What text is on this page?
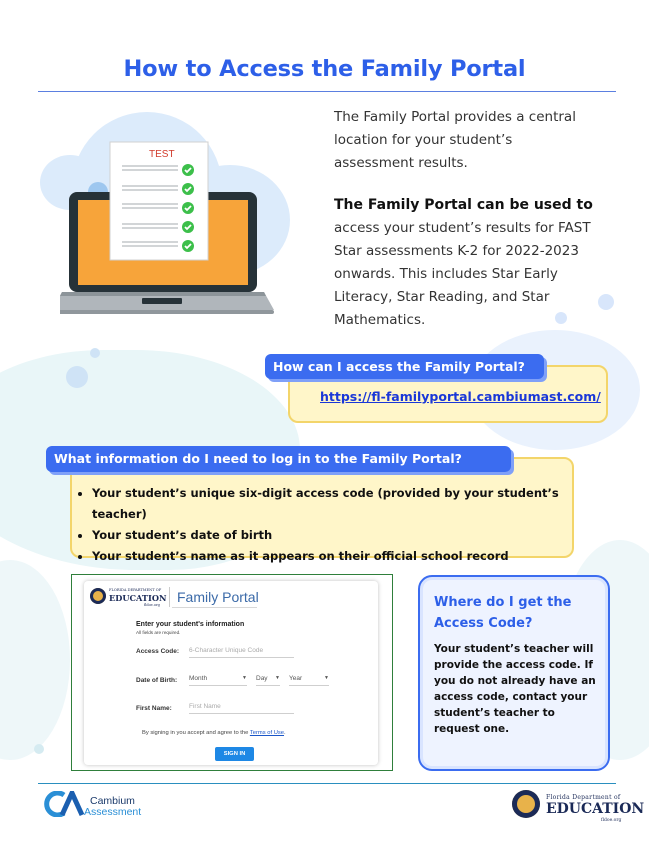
How to Access the Family Portal
TEST
The Family Portal provides a central location for your student’s assessment results.
The Family Portal can be used to access your student’s results for FAST Star assessments K-2 for 2022-2023 onwards. This includes Star Early Literacy, Star Reading, and Star Mathematics.
How can I access the Family Portal?
https://fl-familyportal.cambiumast.com/
What information do I need to log in to the Family Portal?
• Your student’s unique six-digit access code (provided by your student’s teacher)
• Your student’s date of birth
• Your student’s name as it appears on their official school record
FLORIDA DEPARTMENT OF
EDUCATION
fldoe.org Family Portal
Enter your student's information
All fields are required.
Access Code: 6-Character Unique Code
Date of Birth: Month	▼ Day ▼ Year	▼
First Name:	First Name
By signing in you accept and agree to the Terms of Use.
SIGN IN
Where do I get the Access Code?
Your student’s teacher will provide the access code. If you do not already have an access code, contact your student’s teacher to request one.
Cambium
Assessment
Florida Department of
EDUCATION
fldoe.org
